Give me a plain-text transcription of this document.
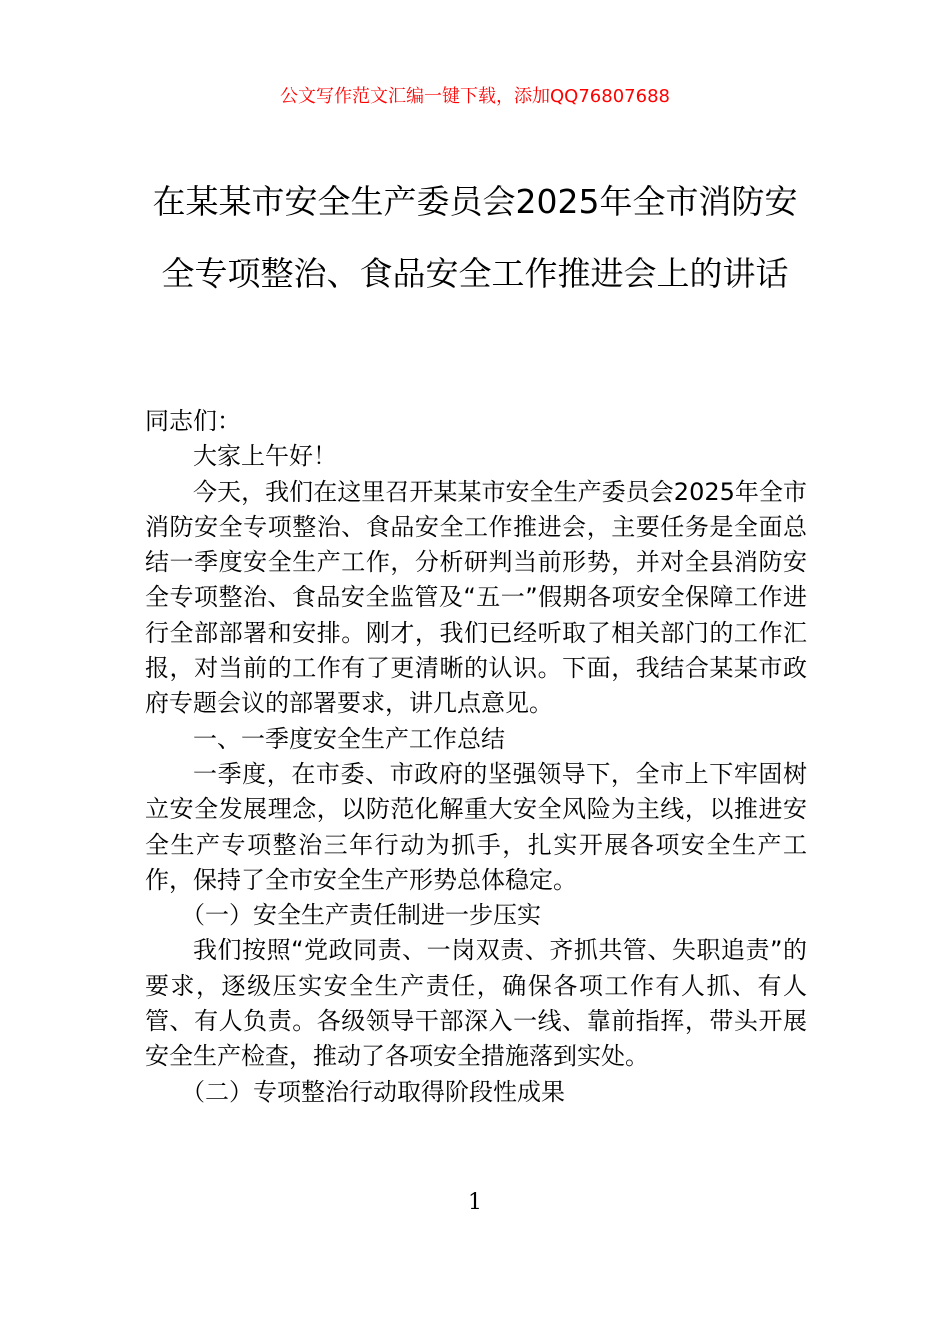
公文写作范文汇编一键下载，添加QQ76807688
在某某市安全生产委员会2025年全市消防安全专项整治、食品安全工作推进会上的讲话

同志们：

大家上午好！

今天，我们在这里召开某某市安全生产委员会2025年全市消防安全专项整治、食品安全工作推进会，主要任务是全面总结一季度安全生产工作，分析研判当前形势，并对全县消防安全专项整治、食品安全监管及“五一”假期各项安全保障工作进行全部部署和安排。刚才，我们已经听取了相关部门的工作汇报，对当前的工作有了更清晰的认识。下面，我结合某某市政府专题会议的部署要求，讲几点意见。

一、一季度安全生产工作总结

一季度，在市委、市政府的坚强领导下，全市上下牢固树立安全发展理念，以防范化解重大安全风险为主线，以推进安全生产专项整治三年行动为抓手，扎实开展各项安全生产工作，保持了全市安全生产形势总体稳定。

（一）安全生产责任制进一步压实

我们按照“党政同责、一岗双责、齐抓共管、失职追责”的要求，逐级压实安全生产责任，确保各项工作有人抓、有人管、有人负责。各级领导干部深入一线、靠前指挥，带头开展安全生产检查，推动了各项安全措施落到实处。

（二）专项整治行动取得阶段性成果

1
